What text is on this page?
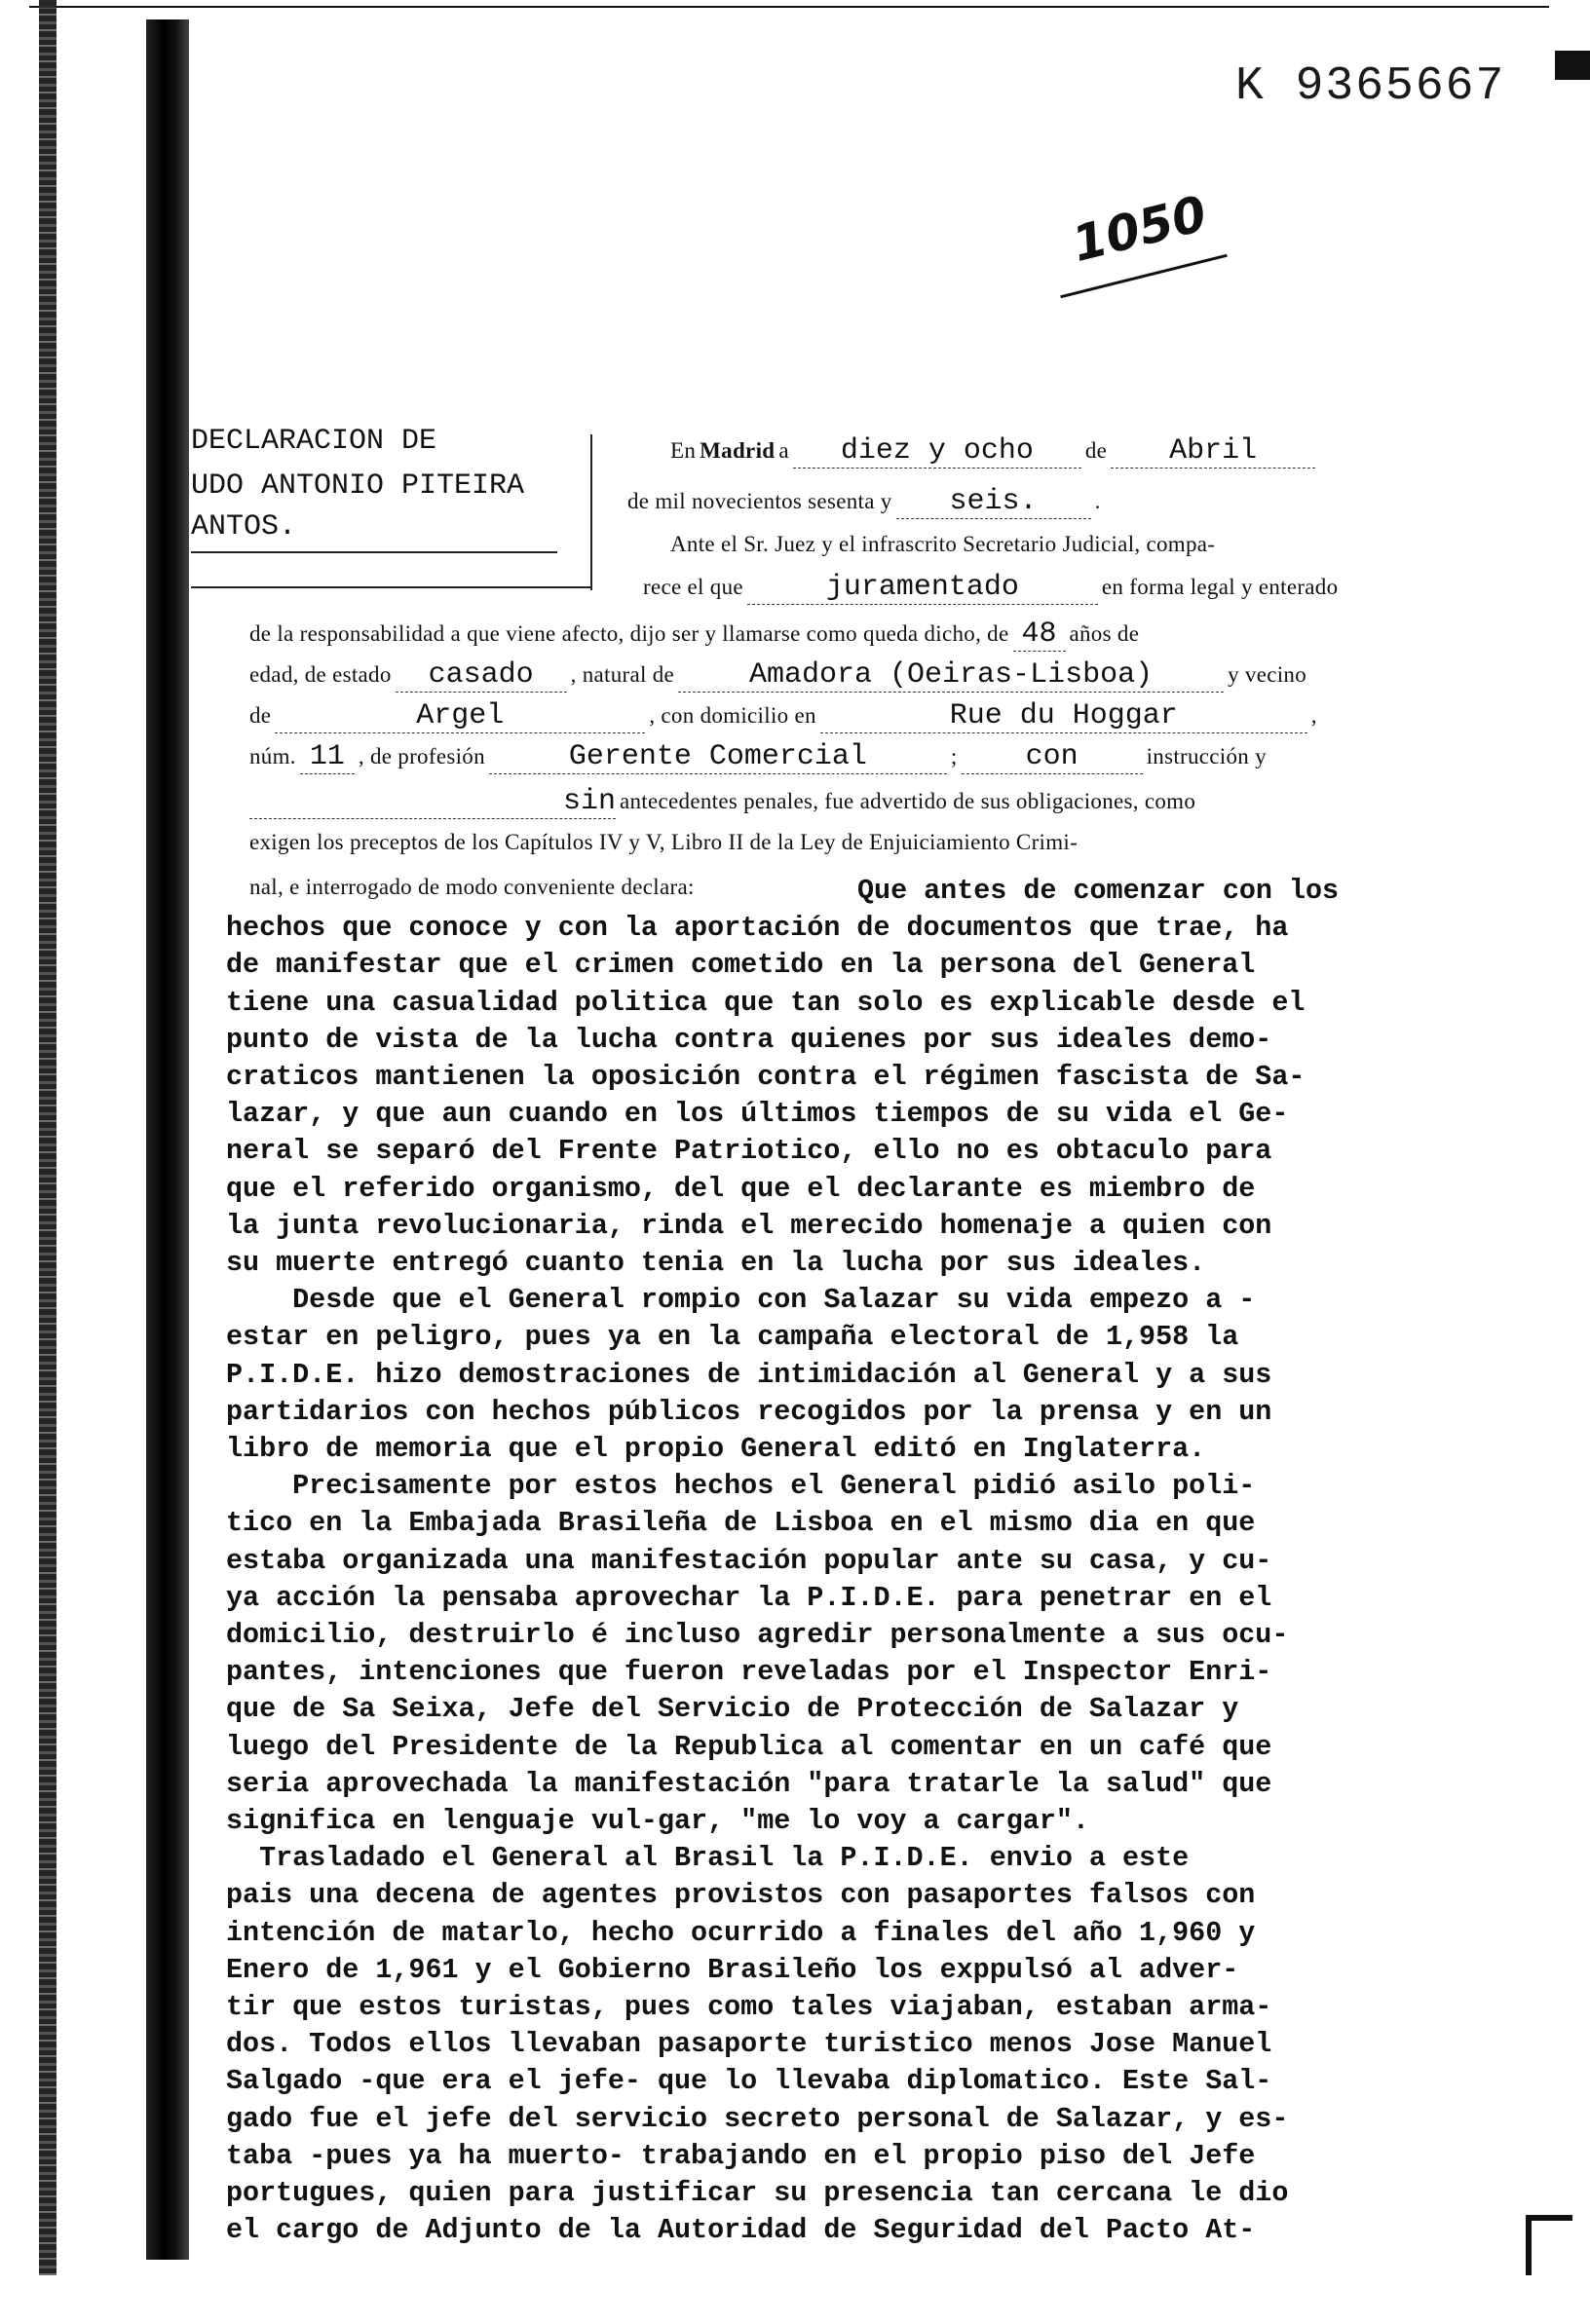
K 9365667
1050
DECLARACION DE
UDO ANTONIO PITEIRA
ANTOS.
En Madrid a diez y ocho de Abril
de mil novecientos sesenta y seis.	.
Ante el Sr. Juez y el infrascrito Secretario Judicial, compa-
rece el que	juramentado	en forma legal y enterado
de la responsabilidad a que viene afecto, dijo ser y llamarse como queda dicho, de 48 años de
edad, de estado casado , natural de	Amadora (Oeiras-Lisboa)	y vecino
de	Argel	, con domicilio en	Rue du Hoggar	,
núm. 11 , de profesión	Gerente Comercial	; con	instrucción y
sin antecedentes penales, fue advertido de sus obligaciones, como
exigen los preceptos de los Capítulos IV y V, Libro II de la Ley de Enjuiciamiento Crimi-
nal, e interrogado de modo conveniente declara:

	Que antes de comenzar con los

hechos que conoce y con la aportación de documentos que trae, ha

de manifestar que el crimen cometido en la persona del General

tiene una casualidad politica que tan solo es explicable desde el

punto de vista de la lucha contra quienes por sus ideales demo-

craticos mantienen la oposición contra el régimen fascista de Sa-

lazar, y que aun cuando en los últimos tiempos de su vida el Ge-

neral se separó del Frente Patriotico, ello no es obtaculo para

que el referido organismo, del que el declarante es miembro de

la junta revolucionaria, rinda el merecido homenaje a quien con

su muerte entregó cuanto tenia en la lucha por sus ideales.

Desde que el General rompio con Salazar su vida empezo a -

estar en peligro, pues ya en la campaña electoral de 1,958 la

P.I.D.E. hizo demostraciones de intimidación al General y a sus

partidarios con hechos públicos recogidos por la prensa y en un

libro de memoria que el propio General editó en Inglaterra.

Precisamente por estos hechos el General pidió asilo poli-

tico en la Embajada Brasileña de Lisboa en el mismo dia en que

estaba organizada una manifestación popular ante su casa, y cu-

ya acción la pensaba aprovechar la P.I.D.E. para penetrar en el

domicilio, destruirlo é incluso agredir personalmente a sus ocu-

pantes, intenciones que fueron reveladas por el Inspector Enri-

que de Sa Seixa, Jefe del Servicio de Protección de Salazar y

luego del Presidente de la Republica al comentar en un café que

seria aprovechada la manifestación "para tratarle la salud" que

significa en lenguaje vul-gar, "me lo voy a cargar".

Trasladado el General al Brasil la P.I.D.E. envio a este

pais una decena de agentes provistos con pasaportes falsos con

intención de matarlo, hecho ocurrido a finales del año 1,960 y

Enero de 1,961 y el Gobierno Brasileño los exppulsó al adver-

tir que estos turistas, pues como tales viajaban, estaban arma-

dos. Todos ellos llevaban pasaporte turistico menos Jose Manuel

Salgado -que era el jefe- que lo llevaba diplomatico. Este Sal-

gado fue el jefe del servicio secreto personal de Salazar, y es-

taba -pues ya ha muerto- trabajando en el propio piso del Jefe

portugues, quien para justificar su presencia tan cercana le dio

el cargo de Adjunto de la Autoridad de Seguridad del Pacto At-
